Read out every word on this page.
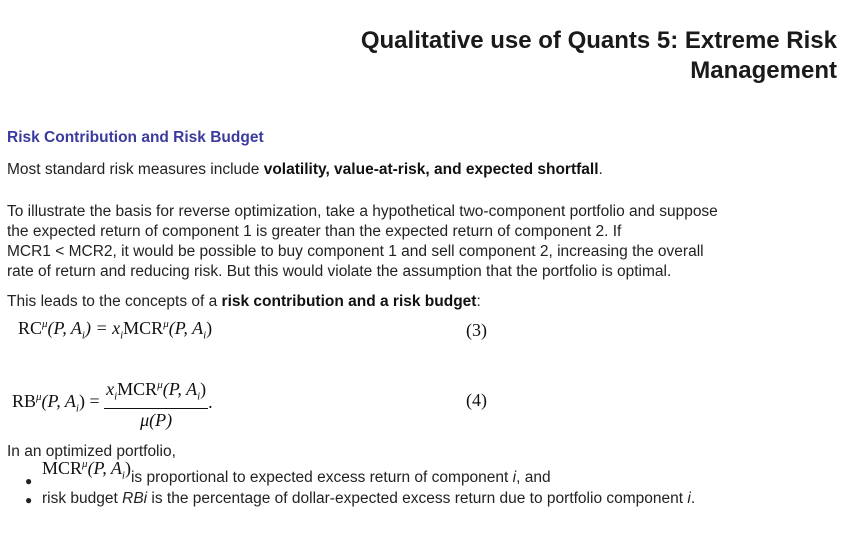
Qualitative use of Quants 5: Extreme Risk Management
Risk Contribution and Risk Budget
Most standard risk measures include volatility, value-at-risk, and expected shortfall.
To illustrate the basis for reverse optimization, take a hypothetical two-component portfolio and suppose
the expected return of component 1 is greater than the expected return of component 2. If
MCR1 < MCR2, it would be possible to buy component 1 and sell component 2, increasing the overall
rate of return and reducing risk. But this would violate the assumption that the portfolio is optimal.
This leads to the concepts of a risk contribution and a risk budget:
$RC^\mu(P$, $A_i) = x_iMCR^\mu(P$, $A_i$)	(3)
$RB^\mu(P$, $A_i) = \frac{x_iMCR^\mu(P, A_i)}{\mu(P)}$ .	(4)
In an optimized portfolio,
●
$MCR^\mu(P$, $A_i)is$ proportional to expected excess return of component i, and
● risk budget RBi is the percentage of dollar-expected excess return due to portfolio component i.
